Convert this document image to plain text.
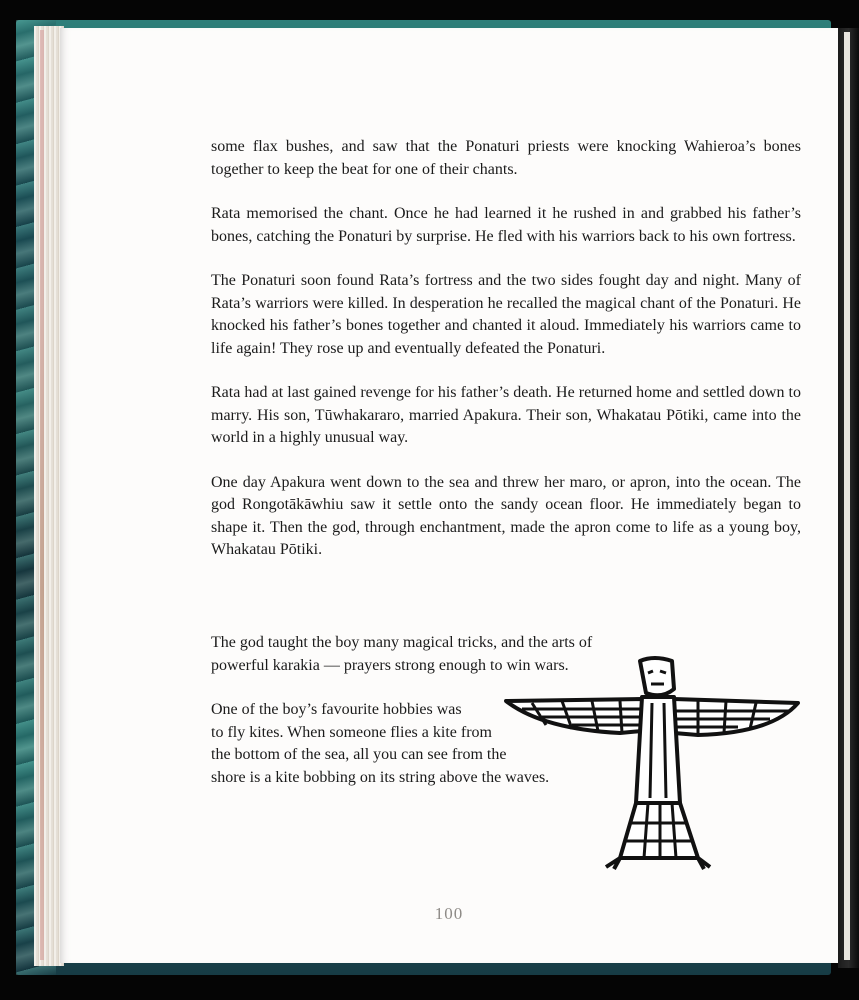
some flax bushes, and saw that the Ponaturi priests were knocking Wahieroa’s bones together to keep the beat for one of their chants.

Rata memorised the chant. Once he had learned it he rushed in and grabbed his father’s bones, catching the Ponaturi by surprise. He fled with his warriors back to his own fortress.

The Ponaturi soon found Rata’s fortress and the two sides fought day and night. Many of Rata’s warriors were killed. In desperation he recalled the magical chant of the Ponaturi. He knocked his father’s bones together and chanted it aloud. Immediately his warriors came to life again! They rose up and eventually defeated the Ponaturi.

Rata had at last gained revenge for his father’s death. He returned home and settled down to marry. His son, Tūwhakararo, married Apakura. Their son, Whakatau Pōtiki, came into the world in a highly unusual way.

One day Apakura went down to the sea and threw her maro, or apron, into the ocean. The god Rongotākāwhiu saw it settle onto the sandy ocean floor. He immediately began to shape it. Then the god, through enchantment, made the apron come to life as a young boy, Whakatau Pōtiki.

The god taught the boy many magical tricks, and the arts of
powerful karakia — prayers strong enough to win wars.
One of the boy’s favourite hobbies was
to fly kites. When someone flies a kite from
the bottom of the sea, all you can see from the
shore is a kite bobbing on its string above the waves.
100
